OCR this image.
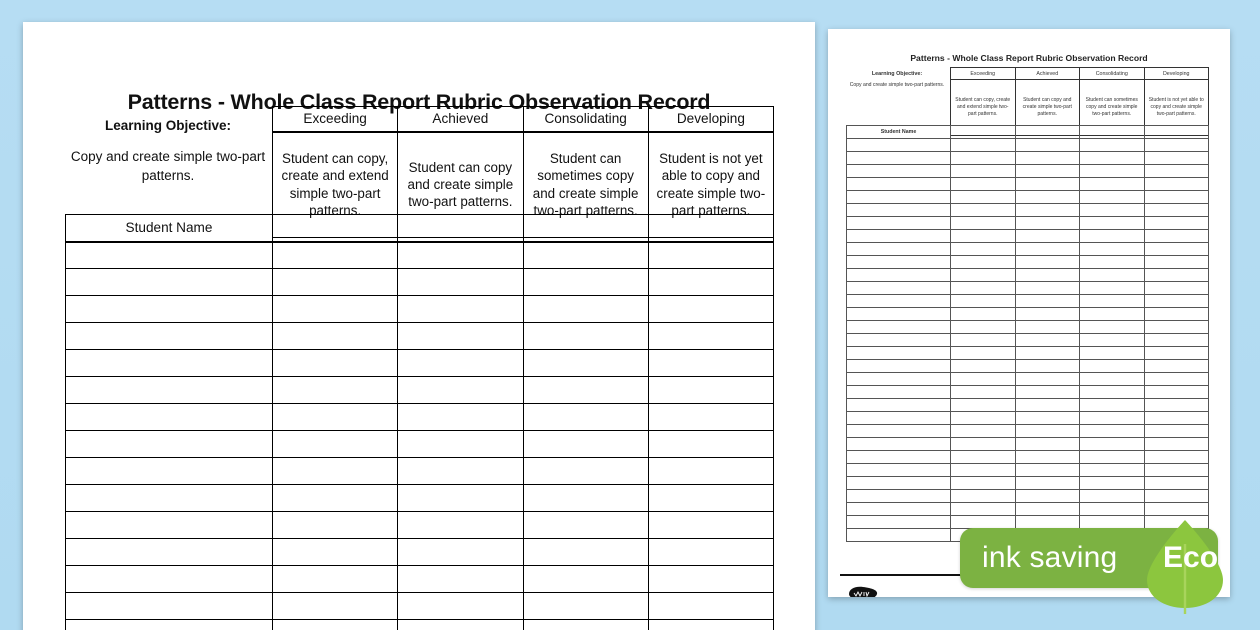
Patterns - Whole Class Report Rubric Observation Record
Learning Objective:
Copy and create simple two-part patterns.
Exceeding	Achieved	Consolidating	Developing
Student can copy, create and extend simple two-part patterns.	Student can copy and create simple two-part patterns.	Student can sometimes copy and create simple two-part patterns.	Student is not yet able to copy and create simple two-part patterns.
Student Name				

Patterns - Whole Class Report Rubric Observation Record
Learning Objective:
Copy and create simple two-part patterns.
Exceeding	Achieved	Consolidating	Developing
Student can copy, create and extend simple two-part patterns.	Student can copy and create simple two-part patterns.	Student can sometimes copy and create simple two-part patterns.	Student is not yet able to copy and create simple two-part patterns.
Student Name				

ink saving Eco
